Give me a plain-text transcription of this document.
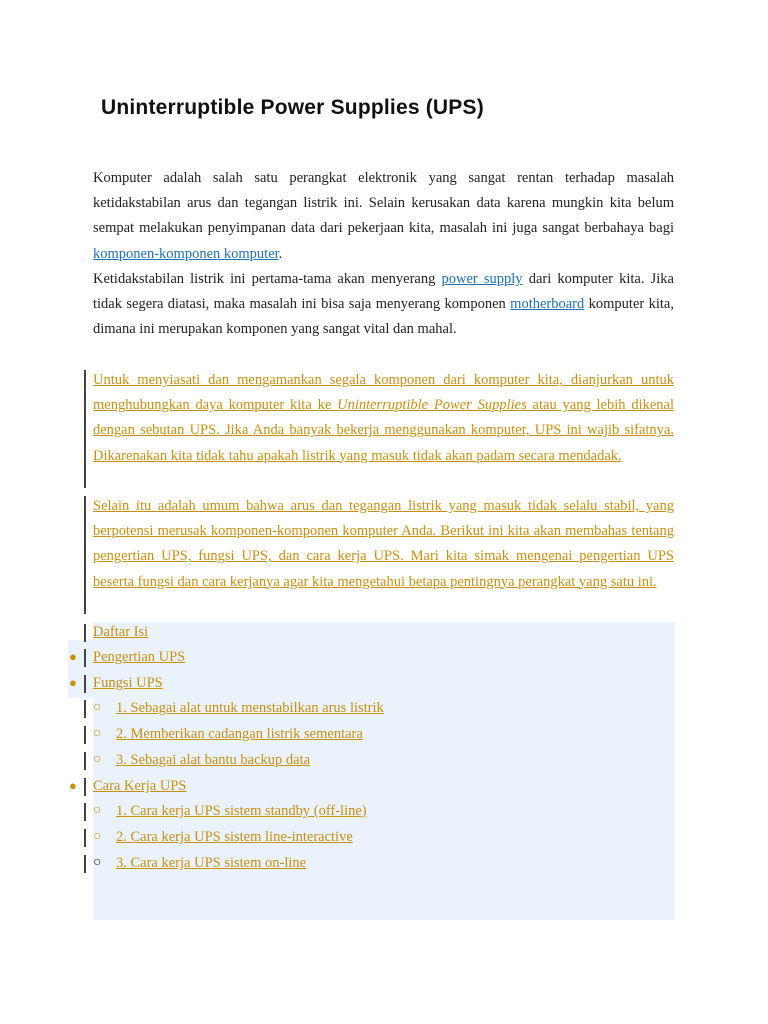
Uninterruptible Power Supplies (UPS)

Komputer adalah salah satu perangkat elektronik yang sangat rentan terhadap masalah ketidakstabilan arus dan tegangan listrik ini. Selain kerusakan data karena mungkin kita belum sempat melakukan penyimpanan data dari pekerjaan kita, masalah ini juga sangat berbahaya bagi komponen-komponen komputer.

Ketidakstabilan listrik ini pertama-tama akan menyerang power supply dari komputer kita. Jika tidak segera diatasi, maka masalah ini bisa saja menyerang komponen motherboard komputer kita, dimana ini merupakan komponen yang sangat vital dan mahal.

Untuk menyiasati dan mengamankan segala komponen dari komputer kita, dianjurkan untuk menghubungkan daya komputer kita ke Uninterruptible Power Supplies atau yang lebih dikenal dengan sebutan UPS. Jika Anda banyak bekerja menggunakan komputer, UPS ini wajib sifatnya. Dikarenakan kita tidak tahu apakah listrik yang masuk tidak akan padam secara mendadak.

Selain itu adalah umum bahwa arus dan tegangan listrik yang masuk tidak selalu stabil, yang berpotensi merusak komponen-komponen komputer Anda. Berikut ini kita akan membahas tentang pengertian UPS, fungsi UPS, dan cara kerja UPS. Mari kita simak mengenai pengertian UPS beserta fungsi dan cara kerjanya agar kita mengetahui betapa pentingnya perangkat yang satu ini.

Daftar Isi
● Pengertian UPS
● Fungsi UPS
○ 1. Sebagai alat untuk menstabilkan arus listrik
○ 2. Memberikan cadangan listrik sementara
○ 3. Sebagai alat bantu backup data
● Cara Kerja UPS
○ 1. Cara kerja UPS sistem standby (off-line)
○ 2. Cara kerja UPS sistem line-interactive
○ 3. Cara kerja UPS sistem on-line
